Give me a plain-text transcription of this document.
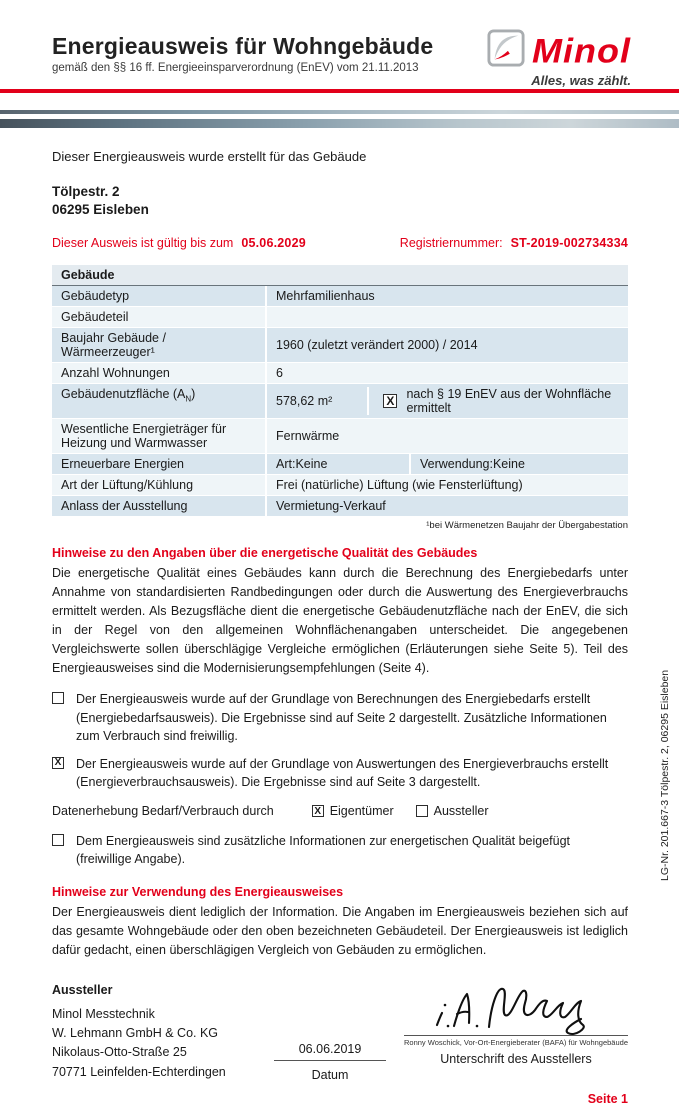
Energieausweis für Wohngebäude
gemäß den §§ 16 ff. Energieeinsparverordnung (EnEV) vom 21.11.2013	Minol
Alles, was zählt.
Dieser Energieausweis wurde erstellt für das Gebäude
Tölpestr. 2
06295 Eisleben
Dieser Ausweis ist gültig bis zum 05.06.2029	Registriernummer: ST-2019-002734334
Gebäude
Gebäudetyp	Mehrfamilienhaus
Gebäudeteil
Baujahr Gebäude / Wärmeerzeuger¹	1960 (zuletzt verändert 2000) / 2014
Anzahl Wohnungen	6
Gebäudenutzfläche $(A_N)$	578,62 m²	X nach § 19 EnEV aus der Wohnfläche ermittelt
Wesentliche Energieträger für Heizung und Warmwasser	Fernwärme
Erneuerbare Energien	Art:Keine	Verwendung:Keine
Art der Lüftung/Kühlung	Frei (natürliche) Lüftung (wie Fensterlüftung)
Anlass der Ausstellung	Vermietung-Verkauf
¹bei Wärmenetzen Baujahr der Übergabestation
Hinweise zu den Angaben über die energetische Qualität des Gebäudes
Die energetische Qualität eines Gebäudes kann durch die Berechnung des Energiebedarfs unter Annahme von standardisierten Randbedingungen oder durch die Auswertung des Energieverbrauchs ermittelt werden. Als Bezugsfläche dient die energetische Gebäudenutzfläche nach der EnEV, die sich in der Regel von den allgemeinen Wohnflächenangaben unterscheidet. Die angegebenen Vergleichswerte sollen überschlägige Vergleiche ermöglichen (Erläuterungen siehe Seite 5). Teil des Energieausweises sind die Modernisierungsempfehlungen (Seite 4).
Der Energieausweis wurde auf der Grundlage von Berechnungen des Energiebedarfs erstellt (Energiebedarfsausweis). Die Ergebnisse sind auf Seite 2 dargestellt. Zusätzliche Informationen zum Verbrauch sind freiwillig.
X Der Energieausweis wurde auf der Grundlage von Auswertungen des Energieverbrauchs erstellt (Energieverbrauchsausweis). Die Ergebnisse sind auf Seite 3 dargestellt.
Datenerhebung Bedarf/Verbrauch durch	X Eigentümer	Aussteller
Dem Energieausweis sind zusätzliche Informationen zur energetischen Qualität beigefügt (freiwillige Angabe).
Hinweise zur Verwendung des Energieausweises
Der Energieausweis dient lediglich der Information. Die Angaben im Energieausweis beziehen sich auf das gesamte Wohngebäude oder den oben bezeichneten Gebäudeteil. Der Energieausweis ist lediglich dafür gedacht, einen überschlägigen Vergleich von Gebäuden zu ermöglichen.
Aussteller
Minol Messtechnik
W. Lehmann GmbH & Co. KG
Nikolaus-Otto-Straße 25
70771 Leinfelden-Echterdingen
06.06.2019
Datum
Ronny Woschick, Vor-Ort-Energieberater (BAFA) für Wohngebäude
Unterschrift des Ausstellers
Seite 1
LG-Nr. 201.667-3 Tölpestr. 2, 06295 Eisleben
